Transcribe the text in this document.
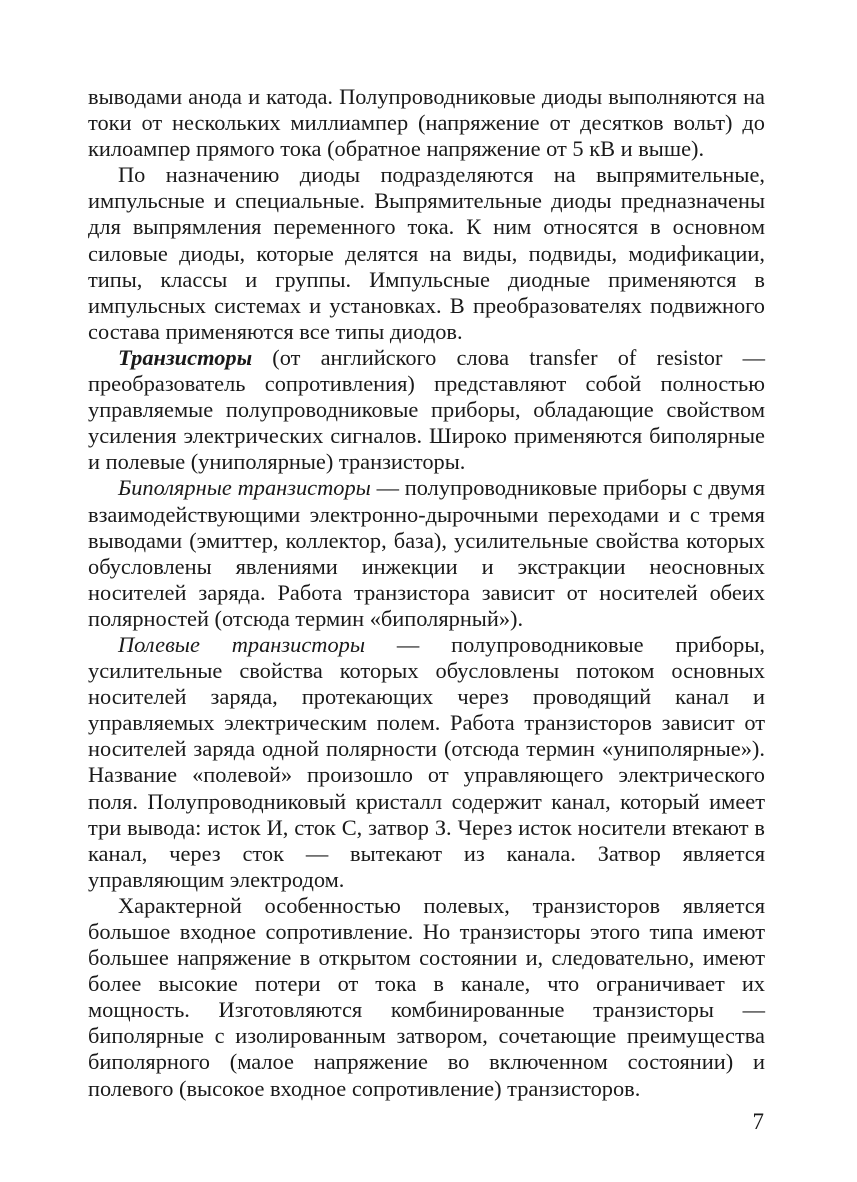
выводами анода и катода. Полупроводниковые диоды выполняются на токи от нескольких миллиампер (напряжение от десятков вольт) до килоампер прямого тока (обратное напряжение от 5 кВ и выше).

По назначению диоды подразделяются на выпрямительные, импульсные и специальные. Выпрямительные диоды предназначены для выпрямления переменного тока. К ним относятся в основном силовые диоды, которые делятся на виды, подвиды, модификации, типы, классы и группы. Импульсные диодные применяются в импульсных системах и установках. В преобразователях подвижного состава применяются все типы диодов.

Транзисторы (от английского слова transfer of resistor — преобразователь сопротивления) представляют собой полностью управляемые полупроводниковые приборы, обладающие свойством усиления электрических сигналов. Широко применяются биполярные и полевые (униполярные) транзисторы.

Биполярные транзисторы — полупроводниковые приборы с двумя взаимодействующими электронно-дырочными переходами и с тремя выводами (эмиттер, коллектор, база), усилительные свойства которых обусловлены явлениями инжекции и экстракции неосновных носителей заряда. Работа транзистора зависит от носителей обеих полярностей (отсюда термин «биполярный»).

Полевые транзисторы — полупроводниковые приборы, усилительные свойства которых обусловлены потоком основных носителей заряда, протекающих через проводящий канал и управляемых электрическим полем. Работа транзисторов зависит от носителей заряда одной полярности (отсюда термин «униполярные»). Название «полевой» произошло от управляющего электрического поля. Полупроводниковый кристалл содержит канал, который имеет три вывода: исток И, сток С, затвор З. Через исток носители втекают в канал, через сток — вытекают из канала. Затвор является управляющим электродом.

Характерной особенностью полевых, транзисторов является большое входное сопротивление. Но транзисторы этого типа имеют большее напряжение в открытом состоянии и, следовательно, имеют более высокие потери от тока в канале, что ограничивает их мощность. Изготовляются комбинированные транзисторы — биполярные с изолированным затвором, сочетающие преимущества биполярного (малое напряжение во включенном состоянии) и полевого (высокое входное сопротивление) транзисторов.

7
